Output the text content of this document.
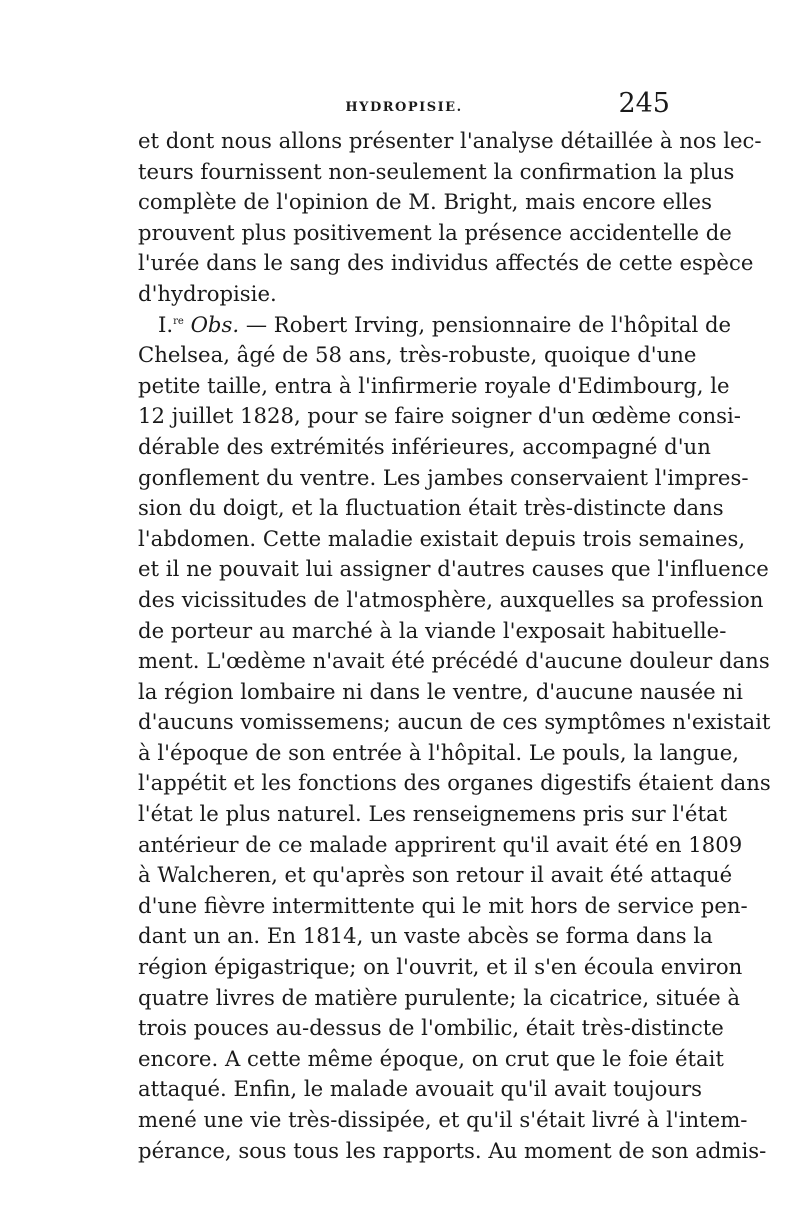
HYDROPISIE.	245
et dont nous allons présenter l'analyse détaillée à nos lec-
teurs fournissent non-seulement la confirmation la plus
complète de l'opinion de M. Bright, mais encore elles
prouvent plus positivement la présence accidentelle de
l'urée dans le sang des individus affectés de cette espèce
d'hydropisie.
I.$^{re}$ Obs. — Robert Irving, pensionnaire de l'hôpital de
Chelsea, âgé de 58 ans, très-robuste, quoique d'une
petite taille, entra à l'infirmerie royale d'Edimbourg, le
12 juillet 1828, pour se faire soigner d'un œdème consi-
dérable des extrémités inférieures, accompagné d'un
gonflement du ventre. Les jambes conservaient l'impres-
sion du doigt, et la fluctuation était très-distincte dans
l'abdomen. Cette maladie existait depuis trois semaines,
et il ne pouvait lui assigner d'autres causes que l'influence
des vicissitudes de l'atmosphère, auxquelles sa profession
de porteur au marché à la viande l'exposait habituelle-
ment. L'œdème n'avait été précédé d'aucune douleur dans
la région lombaire ni dans le ventre, d'aucune nausée ni
d'aucuns vomissemens; aucun de ces symptômes n'existait
à l'époque de son entrée à l'hôpital. Le pouls, la langue,
l'appétit et les fonctions des organes digestifs étaient dans
l'état le plus naturel. Les renseignemens pris sur l'état
antérieur de ce malade apprirent qu'il avait été en 1809
à Walcheren, et qu'après son retour il avait été attaqué
d'une fièvre intermittente qui le mit hors de service pen-
dant un an. En 1814, un vaste abcès se forma dans la
région épigastrique; on l'ouvrit, et il s'en écoula environ
quatre livres de matière purulente; la cicatrice, située à
trois pouces au-dessus de l'ombilic, était très-distincte
encore. A cette même époque, on crut que le foie était
attaqué. Enfin, le malade avouait qu'il avait toujours
mené une vie très-dissipée, et qu'il s'était livré à l'intem-
pérance, sous tous les rapports. Au moment de son admis-
